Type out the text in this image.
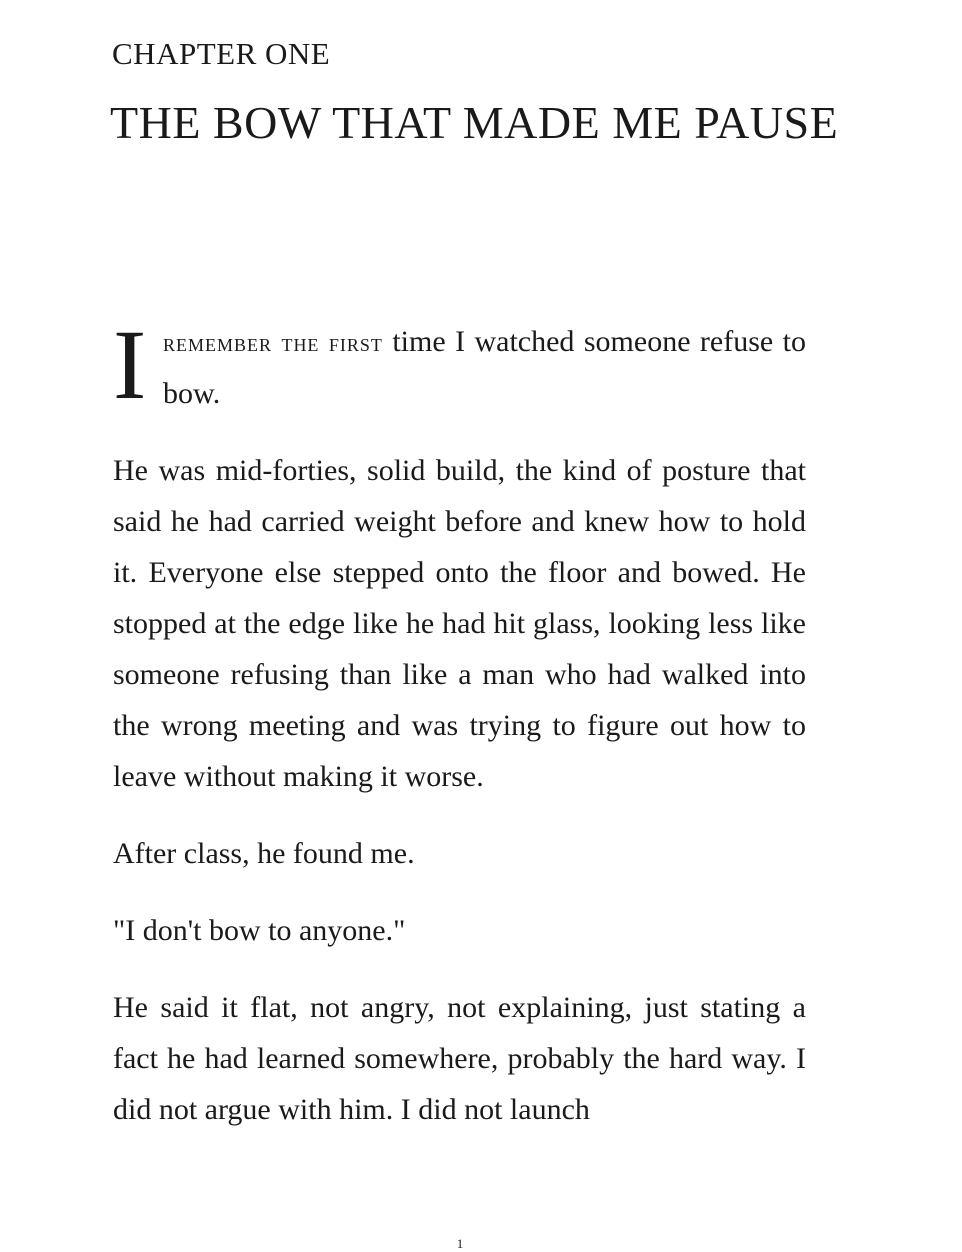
CHAPTER ONE
THE BOW THAT MADE ME PAUSE

I remember the first time I watched someone refuse to bow.

He was mid-forties, solid build, the kind of posture that said he had carried weight before and knew how to hold it. Everyone else stepped onto the floor and bowed. He stopped at the edge like he had hit glass, looking less like someone refusing than like a man who had walked into the wrong meeting and was trying to figure out how to leave without making it worse.

After class, he found me.

"I don't bow to anyone."

He said it flat, not angry, not explaining, just stating a fact he had learned somewhere, probably the hard way. I did not argue with him. I did not launch

1
